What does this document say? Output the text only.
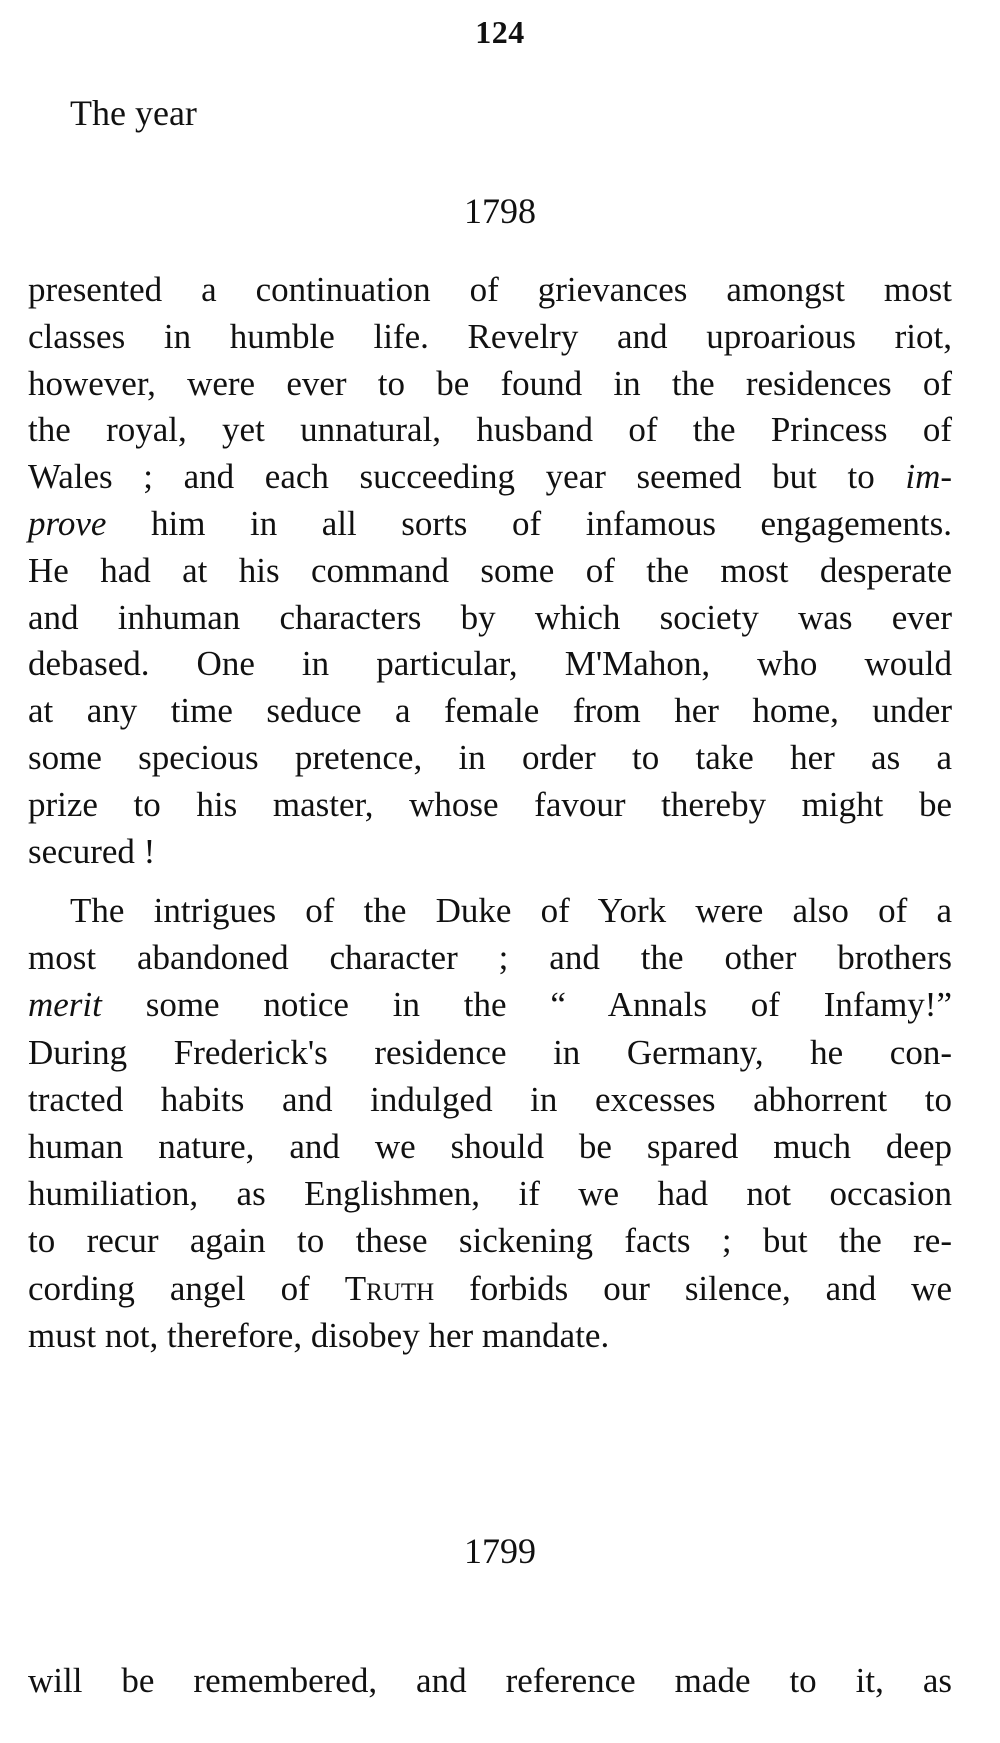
124
The year
1798
presented a continuation of grievances amongst most
classes in humble life. Revelry and uproarious riot,
however, were ever to be found in the residences of
the royal, yet unnatural, husband of the Princess of
Wales ; and each succeeding year seemed but to im-
prove him in all sorts of infamous engagements.
He had at his command some of the most desperate
and inhuman characters by which society was ever
debased. One in particular, M'Mahon, who would
at any time seduce a female from her home, under
some specious pretence, in order to take her as a
prize to his master, whose favour thereby might be
secured !
The intrigues of the Duke of York were also of a
most abandoned character ; and the other brothers
merit some notice in the “ Annals of Infamy!”
During Frederick's residence in Germany, he con-
tracted habits and indulged in excesses abhorrent to
human nature, and we should be spared much deep
humiliation, as Englishmen, if we had not occasion
to recur again to these sickening facts ; but the re-
cording angel of Truth forbids our silence, and we
must not, therefore, disobey her mandate.
1799
will be remembered, and reference made to it, as
